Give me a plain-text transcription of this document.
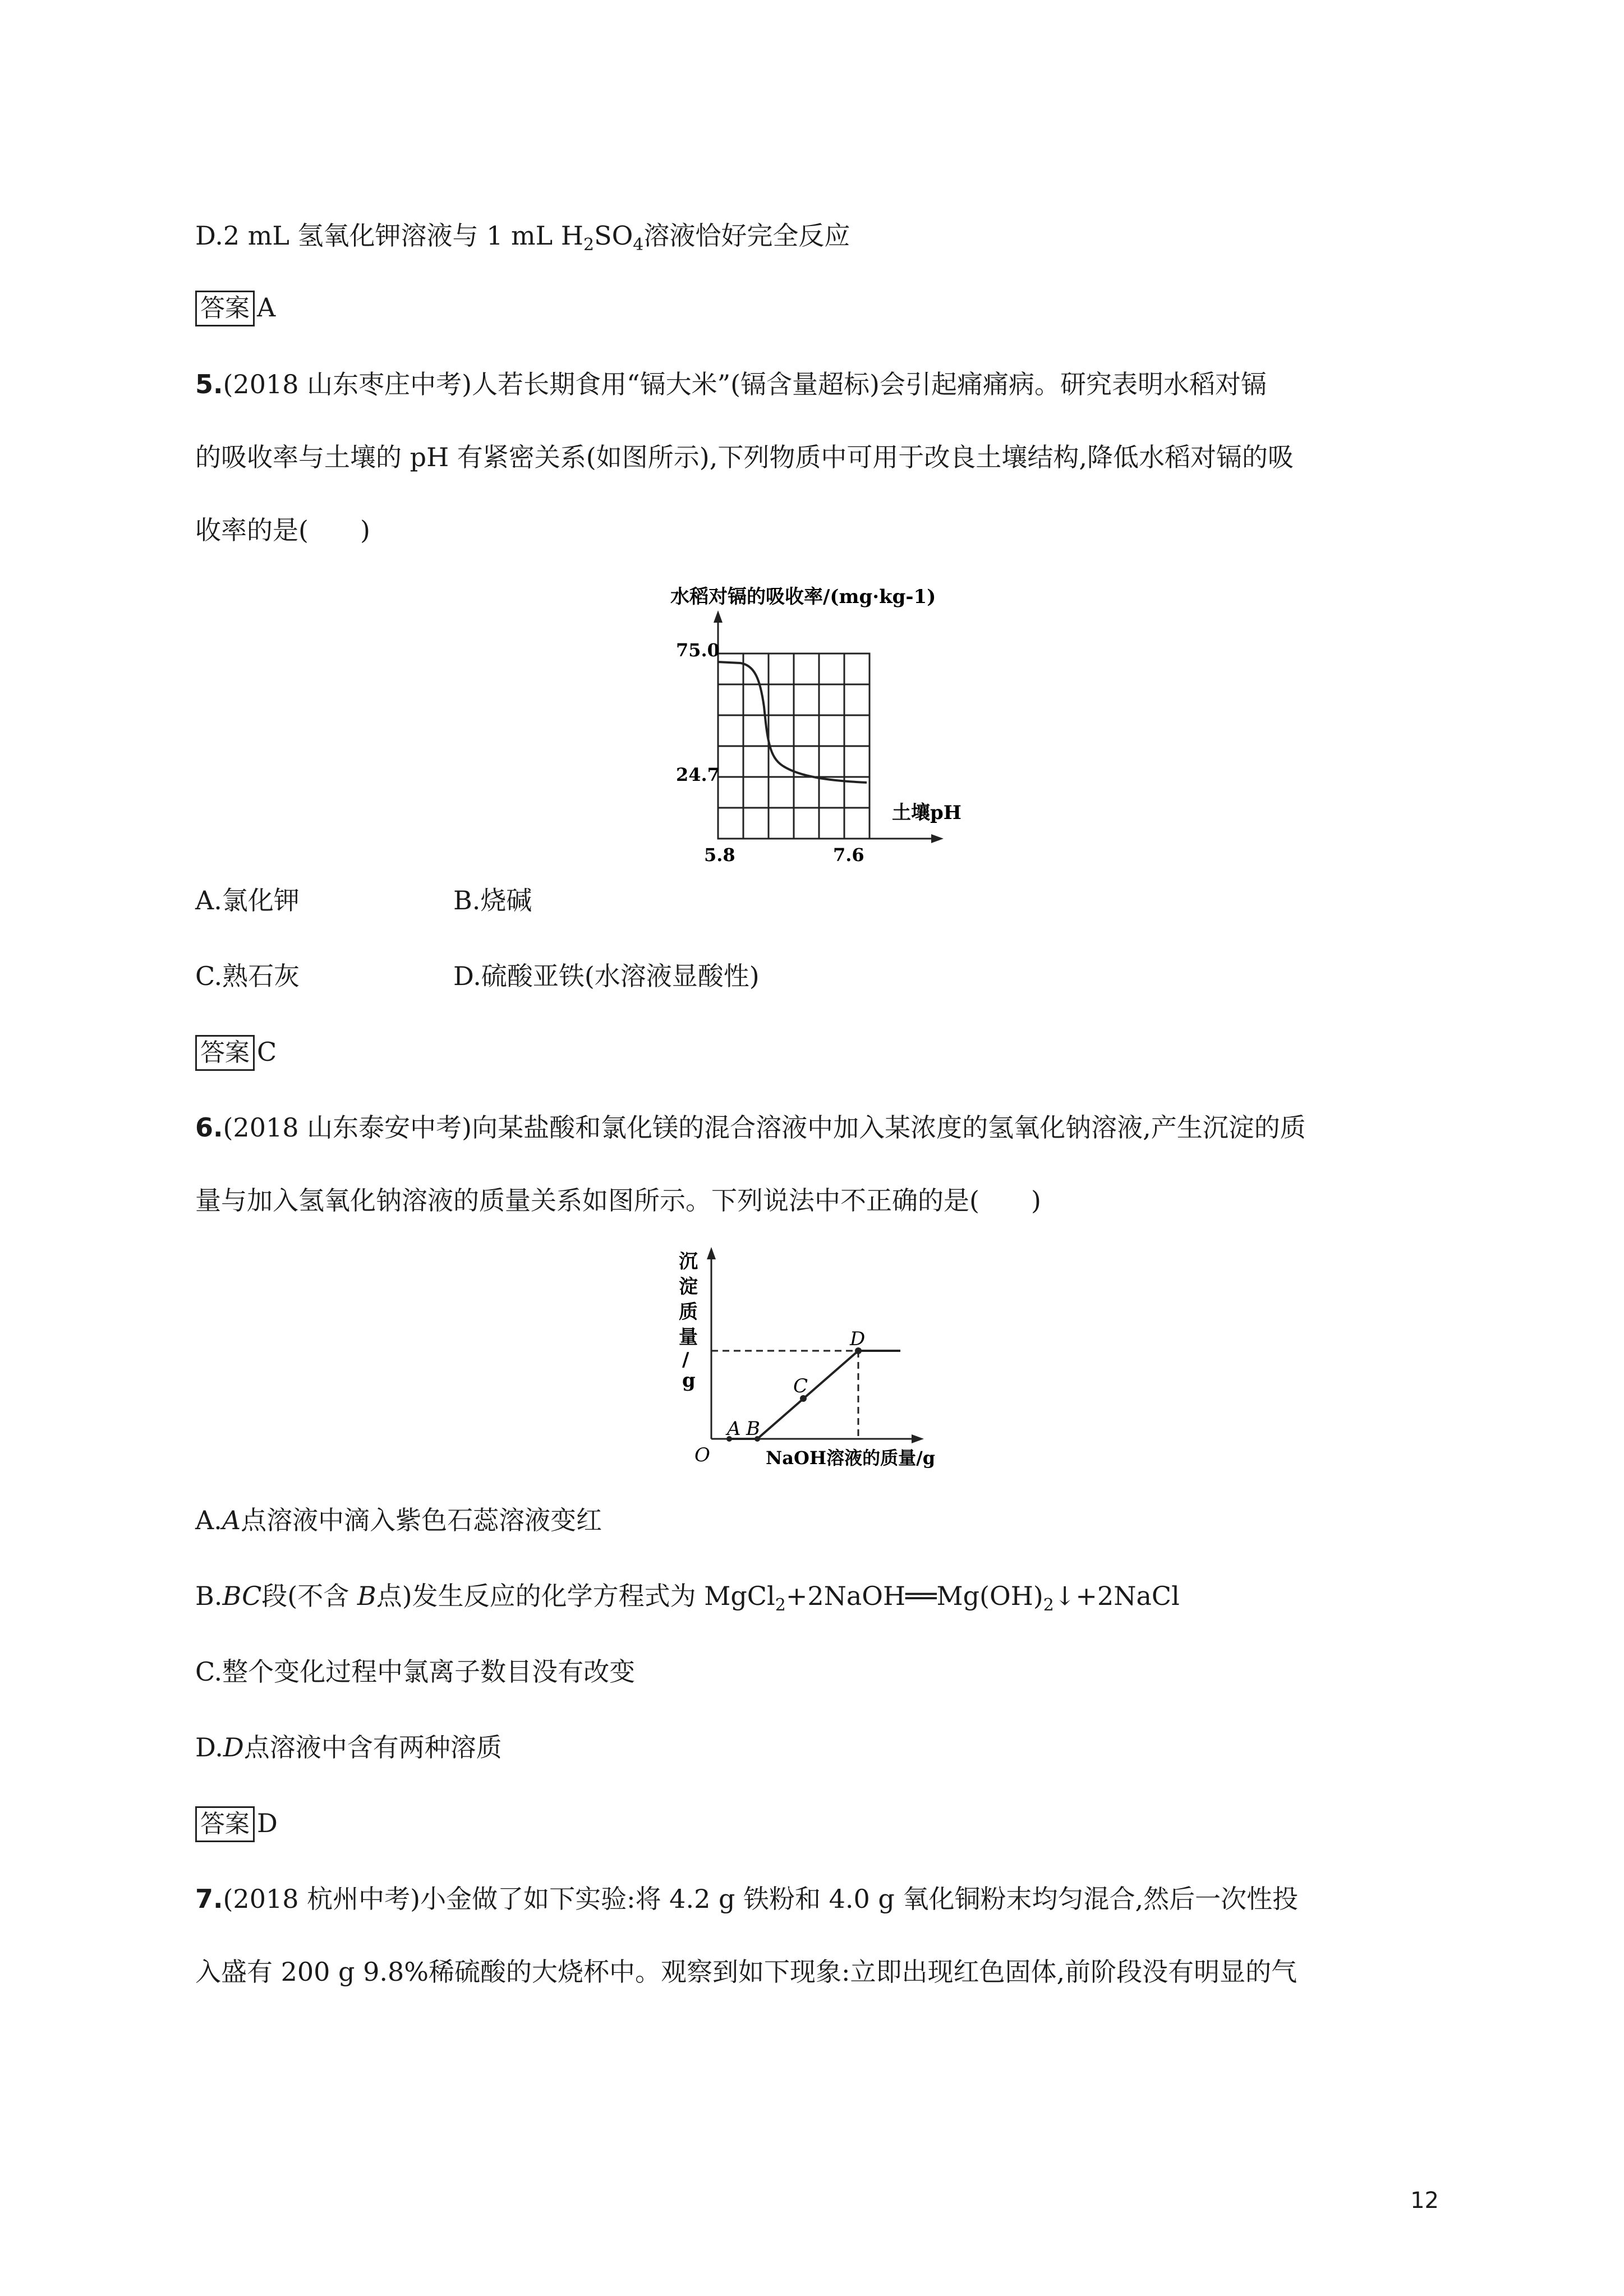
D.2 mL 氢氧化钾溶液与 1 mL $H_2SO_4$溶液恰好完全反应
答案 A
5.(2018 山东枣庄中考)人若长期食用“镉大米”(镉含量超标)会引起痛痛病。研究表明水稻对镉
的吸收率与土壤的 pH 有紧密关系(如图所示),下列物质中可用于改良土壤结构,降低水稻对镉的吸
收率的是(　　)
水稻对镉的吸收率/(mg·kg-1)
75.0
24.7
5.8	7.6
土壤pH
A.氯化钾	B.烧碱
C.熟石灰	D.硫酸亚铁(水溶液显酸性)
答案 C
6.(2018 山东泰安中考)向某盐酸和氯化镁的混合溶液中加入某浓度的氢氧化钠溶液,产生沉淀的质
量与加入氢氧化钠溶液的质量关系如图所示。下列说法中不正确的是(　　)
沉
淀
质
量
/
g
O
A B
C
D
NaOH溶液的质量/g
A.A点溶液中滴入紫色石蕊溶液变红
B.BC段(不含 B点)发生反应的化学方程式为 $MgCl_2+2NaOH══Mg(OH)_2↓+2NaCl$
C.整个变化过程中氯离子数目没有改变
D.D点溶液中含有两种溶质
答案 D
7.(2018 杭州中考)小金做了如下实验:将 4.2 g 铁粉和 4.0 g 氧化铜粉末均匀混合,然后一次性投
入盛有 200 g 9.8%稀硫酸的大烧杯中。观察到如下现象:立即出现红色固体,前阶段没有明显的气
12
